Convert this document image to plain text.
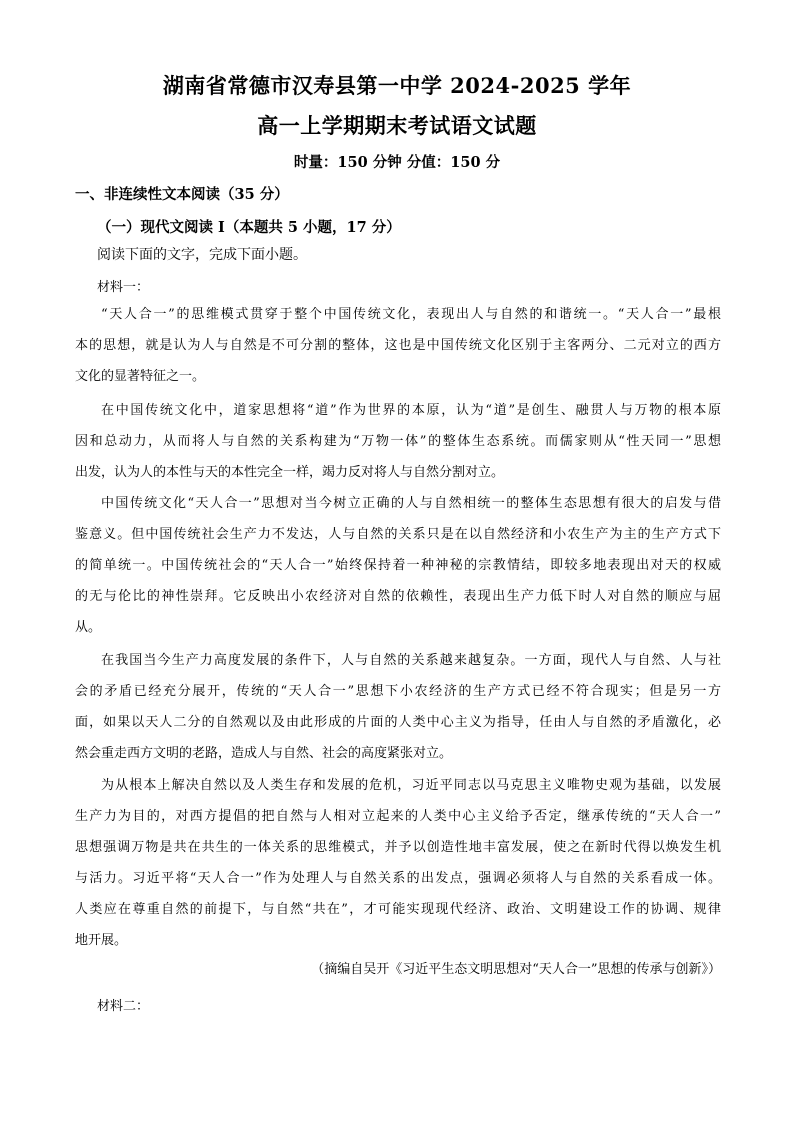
湖南省常德市汉寿县第一中学 2024-2025 学年
高一上学期期末考试语文试题
时量：150 分钟 分值：150 分
一、非连续性文本阅读（35 分）
（一）现代文阅读 I（本题共 5 小题，17 分）
阅读下面的文字，完成下面小题。
材料一：
“天人合一”的思维模式贯穿于整个中国传统文化，表现出人与自然的和谐统一。“天人合一”最根
本的思想，就是认为人与自然是不可分割的整体，这也是中国传统文化区别于主客两分、二元对立的西方
文化的显著特征之一。
在中国传统文化中，道家思想将“道”作为世界的本原，认为“道”是创生、融贯人与万物的根本原
因和总动力，从而将人与自然的关系构建为“万物一体”的整体生态系统。而儒家则从“性天同一”思想
出发，认为人的本性与天的本性完全一样，竭力反对将人与自然分割对立。
中国传统文化“天人合一”思想对当今树立正确的人与自然相统一的整体生态思想有很大的启发与借
鉴意义。但中国传统社会生产力不发达，人与自然的关系只是在以自然经济和小农生产为主的生产方式下
的简单统一。中国传统社会的“天人合一”始终保持着一种神秘的宗教情结，即较多地表现出对天的权威
的无与伦比的神性崇拜。它反映出小农经济对自然的依赖性，表现出生产力低下时人对自然的顺应与屈
从。
在我国当今生产力高度发展的条件下，人与自然的关系越来越复杂。一方面，现代人与自然、人与社
会的矛盾已经充分展开，传统的“天人合一”思想下小农经济的生产方式已经不符合现实；但是另一方
面，如果以天人二分的自然观以及由此形成的片面的人类中心主义为指导，任由人与自然的矛盾激化，必
然会重走西方文明的老路，造成人与自然、社会的高度紧张对立。
为从根本上解决自然以及人类生存和发展的危机，习近平同志以马克思主义唯物史观为基础，以发展
生产力为目的，对西方提倡的把自然与人相对立起来的人类中心主义给予否定，继承传统的“天人合一”
思想强调万物是共在共生的一体关系的思维模式，并予以创造性地丰富发展，使之在新时代得以焕发生机
与活力。习近平将“天人合一”作为处理人与自然关系的出发点，强调必须将人与自然的关系看成一体。
人类应在尊重自然的前提下，与自然“共在”，才可能实现现代经济、政治、文明建设工作的协调、规律
地开展。
（摘编自吴开《习近平生态文明思想对“天人合一”思想的传承与创新》）
材料二：
